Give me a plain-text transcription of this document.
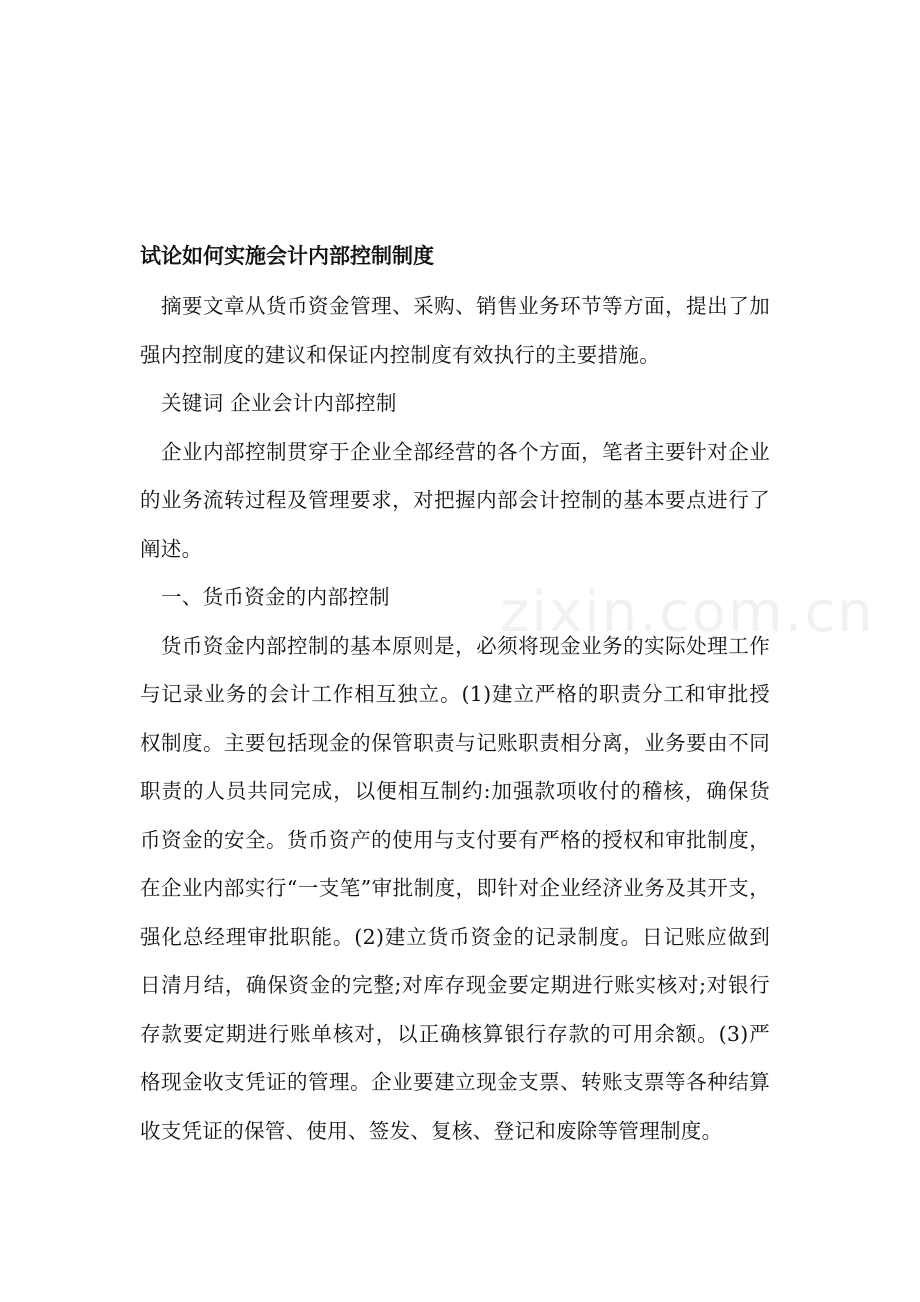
zixin.com.cn
试论如何实施会计内部控制制度

摘要文章从货币资金管理、采购、销售业务环节等方面，提出了加强内控制度的建议和保证内控制度有效执行的主要措施。

关键词 企业会计内部控制

企业内部控制贯穿于企业全部经营的各个方面，笔者主要针对企业的业务流转过程及管理要求，对把握内部会计控制的基本要点进行了阐述。

一、货币资金的内部控制

货币资金内部控制的基本原则是，必须将现金业务的实际处理工作与记录业务的会计工作相互独立。(1)建立严格的职责分工和审批授权制度。主要包括现金的保管职责与记账职责相分离，业务要由不同职责的人员共同完成，以便相互制约:加强款项收付的稽核，确保货币资金的安全。货币资产的使用与支付要有严格的授权和审批制度，在企业内部实行“一支笔”审批制度，即针对企业经济业务及其开支，强化总经理审批职能。(2)建立货币资金的记录制度。日记账应做到日清月结，确保资金的完整;对库存现金要定期进行账实核对;对银行存款要定期进行账单核对，以正确核算银行存款的可用余额。(3)严格现金收支凭证的管理。企业要建立现金支票、转账支票等各种结算收支凭证的保管、使用、签发、复核、登记和废除等管理制度。
